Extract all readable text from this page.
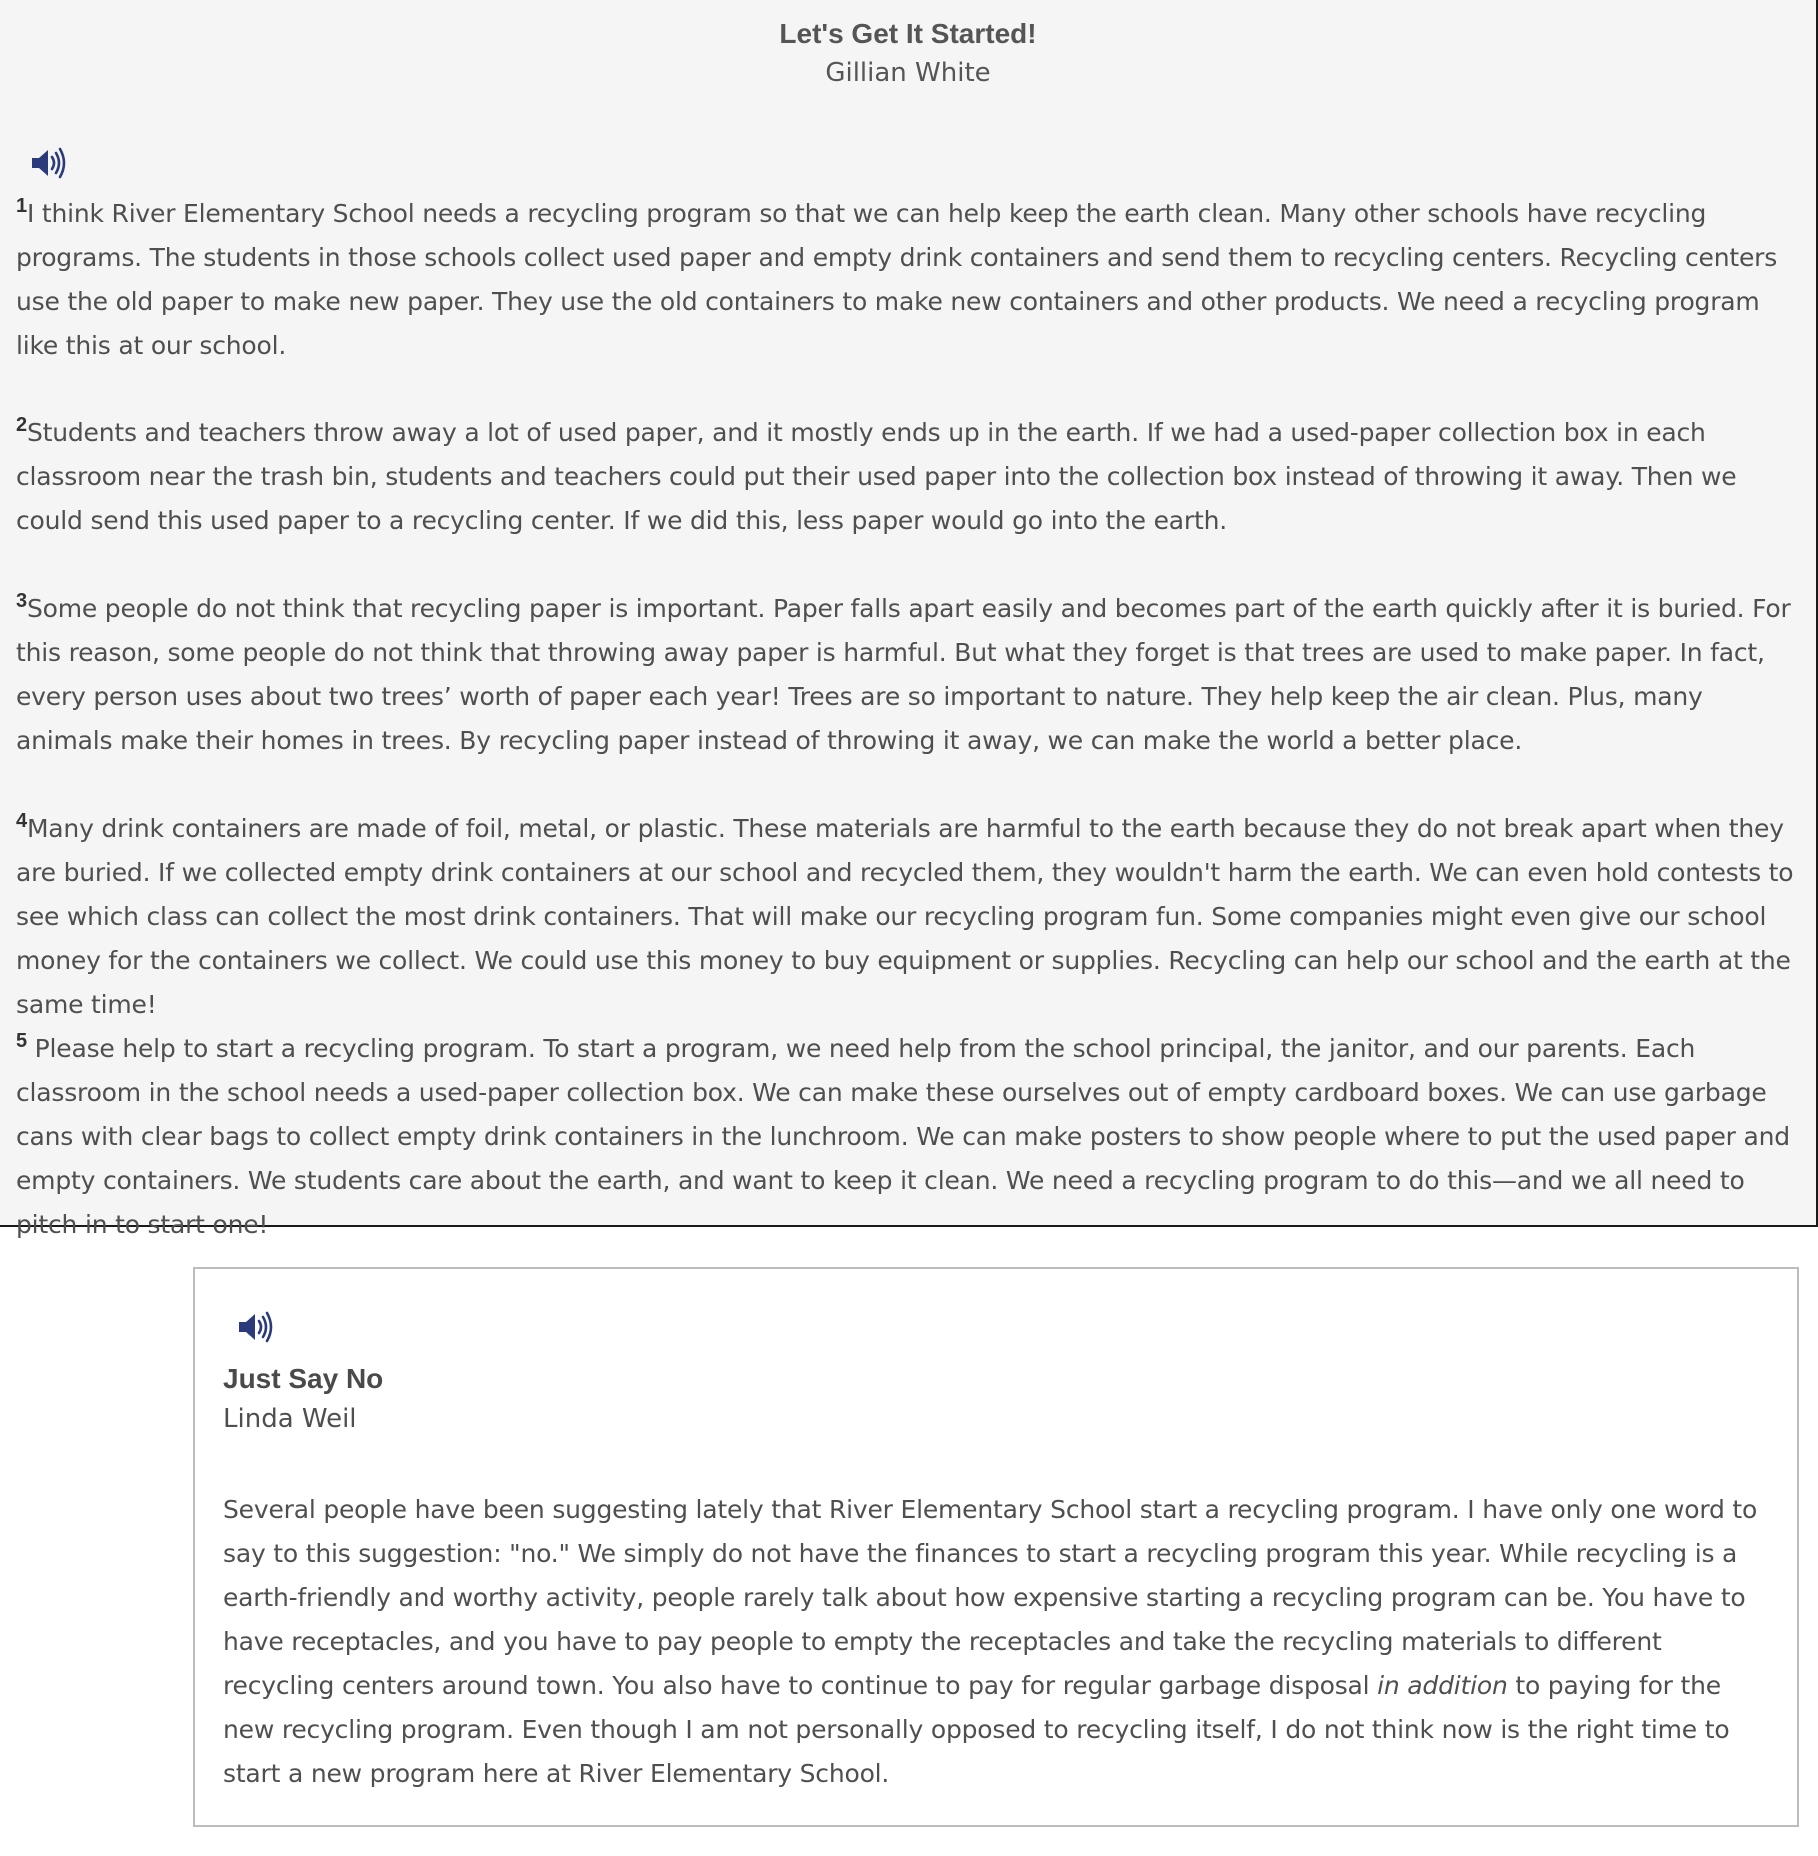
Let's Get It Started!
Gillian White

$^1$I think River Elementary School needs a recycling program so that we can help keep the earth clean. Many other schools have recycling programs. The students in those schools collect used paper and empty drink containers and send them to recycling centers. Recycling centers use the old paper to make new paper. They use the old containers to make new containers and other products. We need a recycling program like this at our school.

$^2$Students and teachers throw away a lot of used paper, and it mostly ends up in the earth. If we had a used-paper collection box in each classroom near the trash bin, students and teachers could put their used paper into the collection box instead of throwing it away. Then we could send this used paper to a recycling center. If we did this, less paper would go into the earth.

$^3$Some people do not think that recycling paper is important. Paper falls apart easily and becomes part of the earth quickly after it is buried. For this reason, some people do not think that throwing away paper is harmful. But what they forget is that trees are used to make paper. In fact, every person uses about two trees’ worth of paper each year! Trees are so important to nature. They help keep the air clean. Plus, many animals make their homes in trees. By recycling paper instead of throwing it away, we can make the world a better place.

$^4$Many drink containers are made of foil, metal, or plastic. These materials are harmful to the earth because they do not break apart when they are buried. If we collected empty drink containers at our school and recycled them, they wouldn't harm the earth. We can even hold contests to see which class can collect the most drink containers. That will make our recycling program fun. Some companies might even give our school money for the containers we collect. We could use this money to buy equipment or supplies. Recycling can help our school and the earth at the same time!

$^5$ Please help to start a recycling program. To start a program, we need help from the school principal, the janitor, and our parents. Each classroom in the school needs a used-paper collection box. We can make these ourselves out of empty cardboard boxes. We can use garbage cans with clear bags to collect empty drink containers in the lunchroom. We can make posters to show people where to put the used paper and empty containers. We students care about the earth, and want to keep it clean. We need a recycling program to do this—and we all need to pitch in to start one!

Just Say No
Linda Weil

Several people have been suggesting lately that River Elementary School start a recycling program. I have only one word to say to this suggestion: "no." We simply do not have the finances to start a recycling program this year. While recycling is a earth-friendly and worthy activity, people rarely talk about how expensive starting a recycling program can be. You have to have receptacles, and you have to pay people to empty the receptacles and take the recycling materials to different recycling centers around town. You also have to continue to pay for regular garbage disposal in addition to paying for the new recycling program. Even though I am not personally opposed to recycling itself, I do not think now is the right time to start a new program here at River Elementary School.
